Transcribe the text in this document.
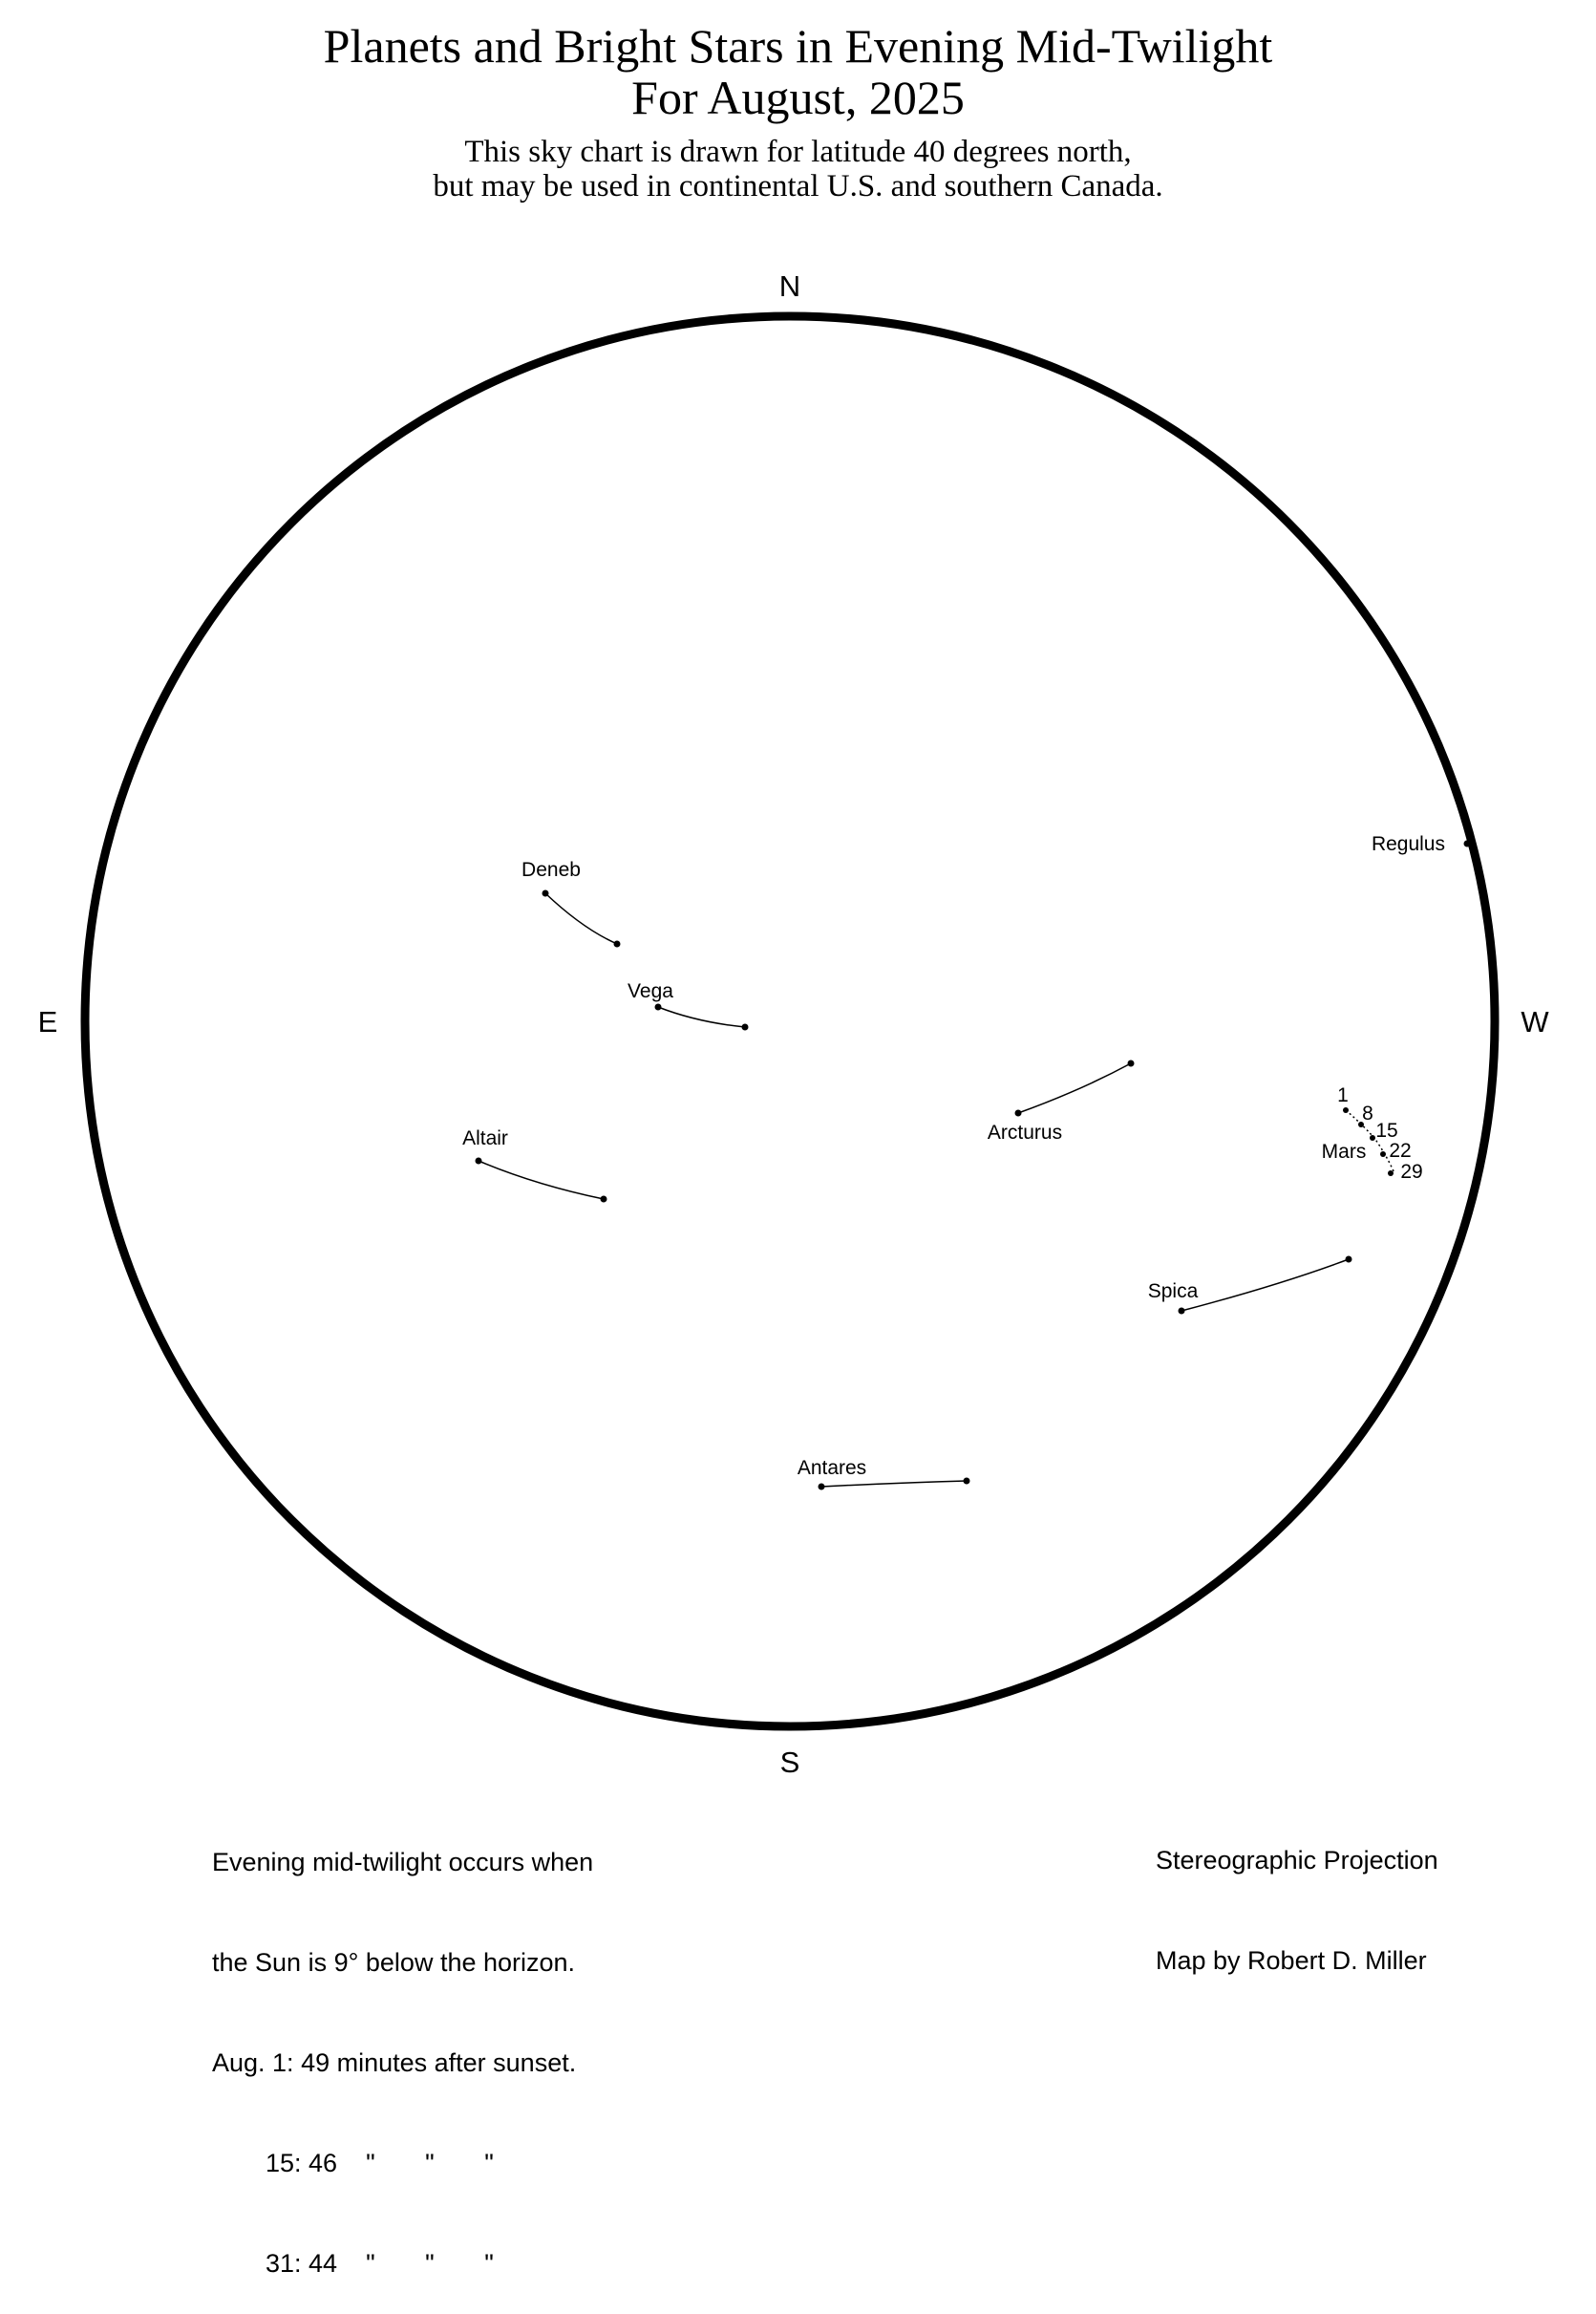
Planets and Bright Stars in Evening Mid-Twilight
For August, 2025
This sky chart is drawn for latitude 40 degrees north,
but may be used in continental U.S. and southern Canada.
N
S
E	W
Deneb
Vega
Altair	Arcturus
Regulus
Spica
Antares
1
8
15
22
29
Mars

Evening mid-twilight occurs when

the Sun is 9° below the horizon.

Aug. 1: 49 minutes after sunset.

15: 46    "       "       "

31: 44    "       "       "

Stereographic Projection

Map by Robert D. Miller
